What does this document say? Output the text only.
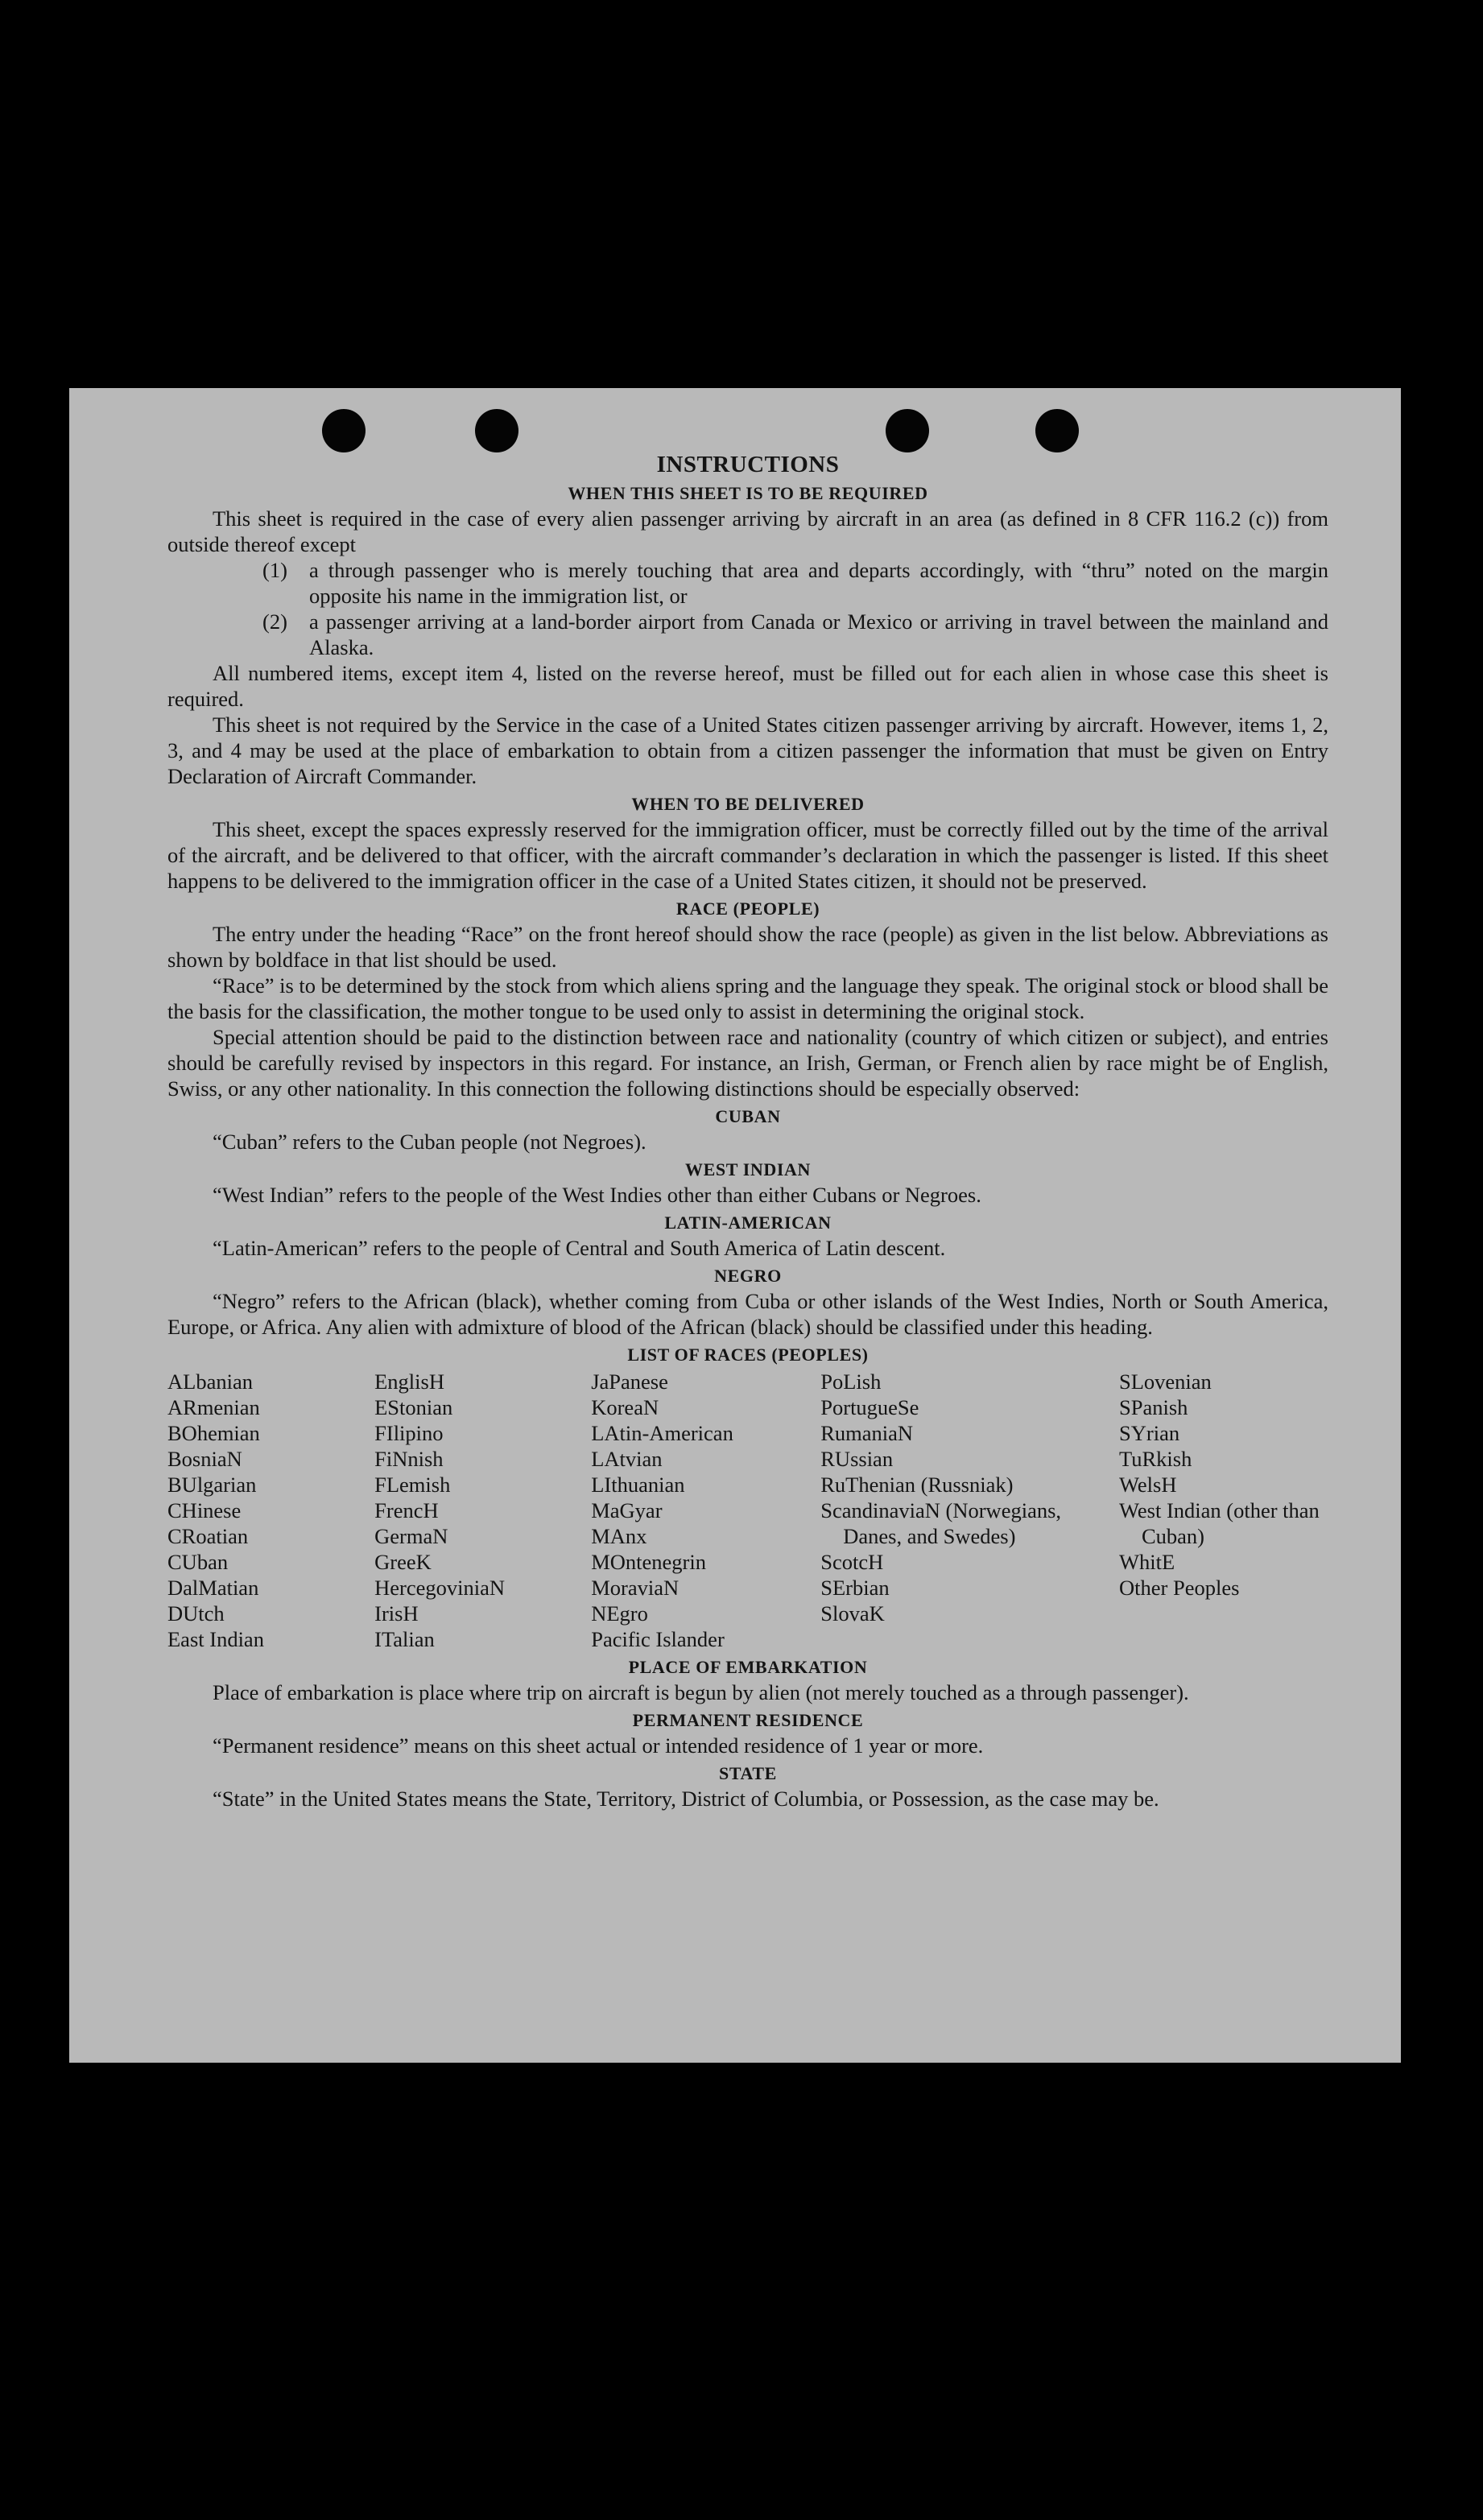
INSTRUCTIONS
WHEN THIS SHEET IS TO BE REQUIRED

This sheet is required in the case of every alien passenger arriving by aircraft in an area (as defined in 8 CFR 116.2 (c)) from outside thereof except

(1)	a through passenger who is merely touching that area and departs accordingly, with “thru” noted on the margin opposite his name in the immigration list, or
(2)	a passenger arriving at a land-border airport from Canada or Mexico or arriving in travel between the mainland and Alaska.

All numbered items, except item 4, listed on the reverse hereof, must be filled out for each alien in whose case this sheet is required.

This sheet is not required by the Service in the case of a United States citizen passenger arriving by aircraft. However, items 1, 2, 3, and 4 may be used at the place of embarkation to obtain from a citizen passenger the information that must be given on Entry Declaration of Aircraft Commander.

WHEN TO BE DELIVERED

This sheet, except the spaces expressly reserved for the immigration officer, must be correctly filled out by the time of the arrival of the aircraft, and be delivered to that officer, with the aircraft commander’s declaration in which the passenger is listed. If this sheet happens to be delivered to the immigration officer in the case of a United States citizen, it should not be preserved.

RACE (PEOPLE)

The entry under the heading “Race” on the front hereof should show the race (people) as given in the list below. Abbreviations as shown by boldface in that list should be used.

“Race” is to be determined by the stock from which aliens spring and the language they speak. The original stock or blood shall be the basis for the classification, the mother tongue to be used only to assist in determining the original stock.

Special attention should be paid to the distinction between race and nationality (country of which citizen or subject), and entries should be carefully revised by inspectors in this regard. For instance, an Irish, German, or French alien by race might be of English, Swiss, or any other nationality. In this connection the following distinctions should be especially observed:

CUBAN

“Cuban” refers to the Cuban people (not Negroes).

WEST INDIAN

“West Indian” refers to the people of the West Indies other than either Cubans or Negroes.

LATIN-AMERICAN

“Latin-American” refers to the people of Central and South America of Latin descent.

NEGRO

“Negro” refers to the African (black), whether coming from Cuba or other islands of the West Indies, North or South America, Europe, or Africa. Any alien with admixture of blood of the African (black) should be classified under this heading.

LIST OF RACES (PEOPLES)
ALbanian
ARmenian
BOhemian
BosniaN
BUlgarian
CHinese
CRoatian
CUban
DalMatian
DUtch
East Indian
EnglisH
EStonian
FIlipino
FiNnish
FLemish
FrencH
GermaN
GreeK
HercegoviniaN
IrisH
ITalian
JaPanese
KoreaN
LAtin-American
LAtvian
LIthuanian
MaGyar
MAnx
MOntenegrin
MoraviaN
NEgro
Pacific Islander
PoLish
PortugueSe
RumaniaN
RUssian
RuThenian (Russniak)
ScandinaviaN (Norwegians, Danes, and Swedes)
ScotcH
SErbian
SlovaK
SLovenian
SPanish
SYrian
TuRkish
WelsH
West Indian (other than Cuban)
WhitE
Other Peoples
PLACE OF EMBARKATION

Place of embarkation is place where trip on aircraft is begun by alien (not merely touched as a through passenger).

PERMANENT RESIDENCE

“Permanent residence” means on this sheet actual or intended residence of 1 year or more.

STATE

“State” in the United States means the State, Territory, District of Columbia, or Possession, as the case may be.
